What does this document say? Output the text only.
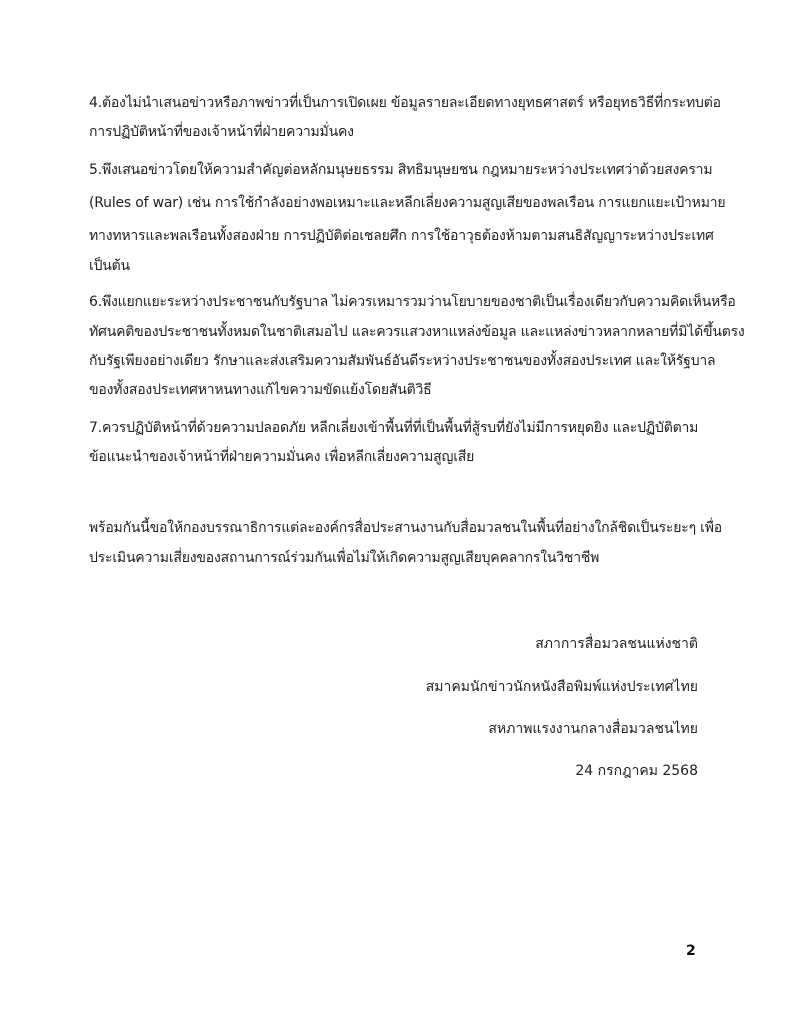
4.ต้องไม่นำเสนอข่าวหรือภาพข่าวที่เป็นการเปิดเผย ข้อมูลรายละเอียดทางยุทธศาสตร์ หรือยุทธวิธีที่กระทบต่อ
การปฏิบัติหน้าที่ของเจ้าหน้าที่ฝ่ายความมั่นคง
5.พึงเสนอข่าวโดยให้ความสำคัญต่อหลักมนุษยธรรม สิทธิมนุษยชน กฎหมายระหว่างประเทศว่าด้วยสงคราม
(Rules of war) เช่น การใช้กำลังอย่างพอเหมาะและหลีกเลี่ยงความสูญเสียของพลเรือน การแยกแยะเป้าหมาย
ทางทหารและพลเรือนทั้งสองฝ่าย การปฏิบัติต่อเชลยศึก การใช้อาวุธต้องห้ามตามสนธิสัญญาระหว่างประเทศ
เป็นต้น
6.พึงแยกแยะระหว่างประชาชนกับรัฐบาล ไม่ควรเหมารวมว่านโยบายของชาติเป็นเรื่องเดียวกับความคิดเห็นหรือ
ทัศนคติของประชาชนทั้งหมดในชาติเสมอไป และควรแสวงหาแหล่งข้อมูล และแหล่งข่าวหลากหลายที่มิได้ขึ้นตรง
กับรัฐเพียงอย่างเดียว รักษาและส่งเสริมความสัมพันธ์อันดีระหว่างประชาชนของทั้งสองประเทศ และให้รัฐบาล
ของทั้งสองประเทศหาหนทางแก้ไขความขัดแย้งโดยสันติวิธี
7.ควรปฏิบัติหน้าที่ด้วยความปลอดภัย หลีกเลี่ยงเข้าพื้นที่ที่เป็นพื้นที่สู้รบที่ยังไม่มีการหยุดยิง และปฏิบัติตาม
ข้อแนะนำของเจ้าหน้าที่ฝ่ายความมั่นคง เพื่อหลีกเลี่ยงความสูญเสีย
พร้อมกันนี้ขอให้กองบรรณาธิการแต่ละองค์กรสื่อประสานงานกับสื่อมวลชนในพื้นที่อย่างใกล้ชิดเป็นระยะๆ เพื่อ
ประเมินความเสี่ยงของสถานการณ์ร่วมกันเพื่อไม่ให้เกิดความสูญเสียบุคคลากรในวิชาชีพ
สภาการสื่อมวลชนแห่งชาติ
สมาคมนักข่าวนักหนังสือพิมพ์แห่งประเทศไทย
สหภาพแรงงานกลางสื่อมวลชนไทย
24 กรกฎาคม 2568
2
